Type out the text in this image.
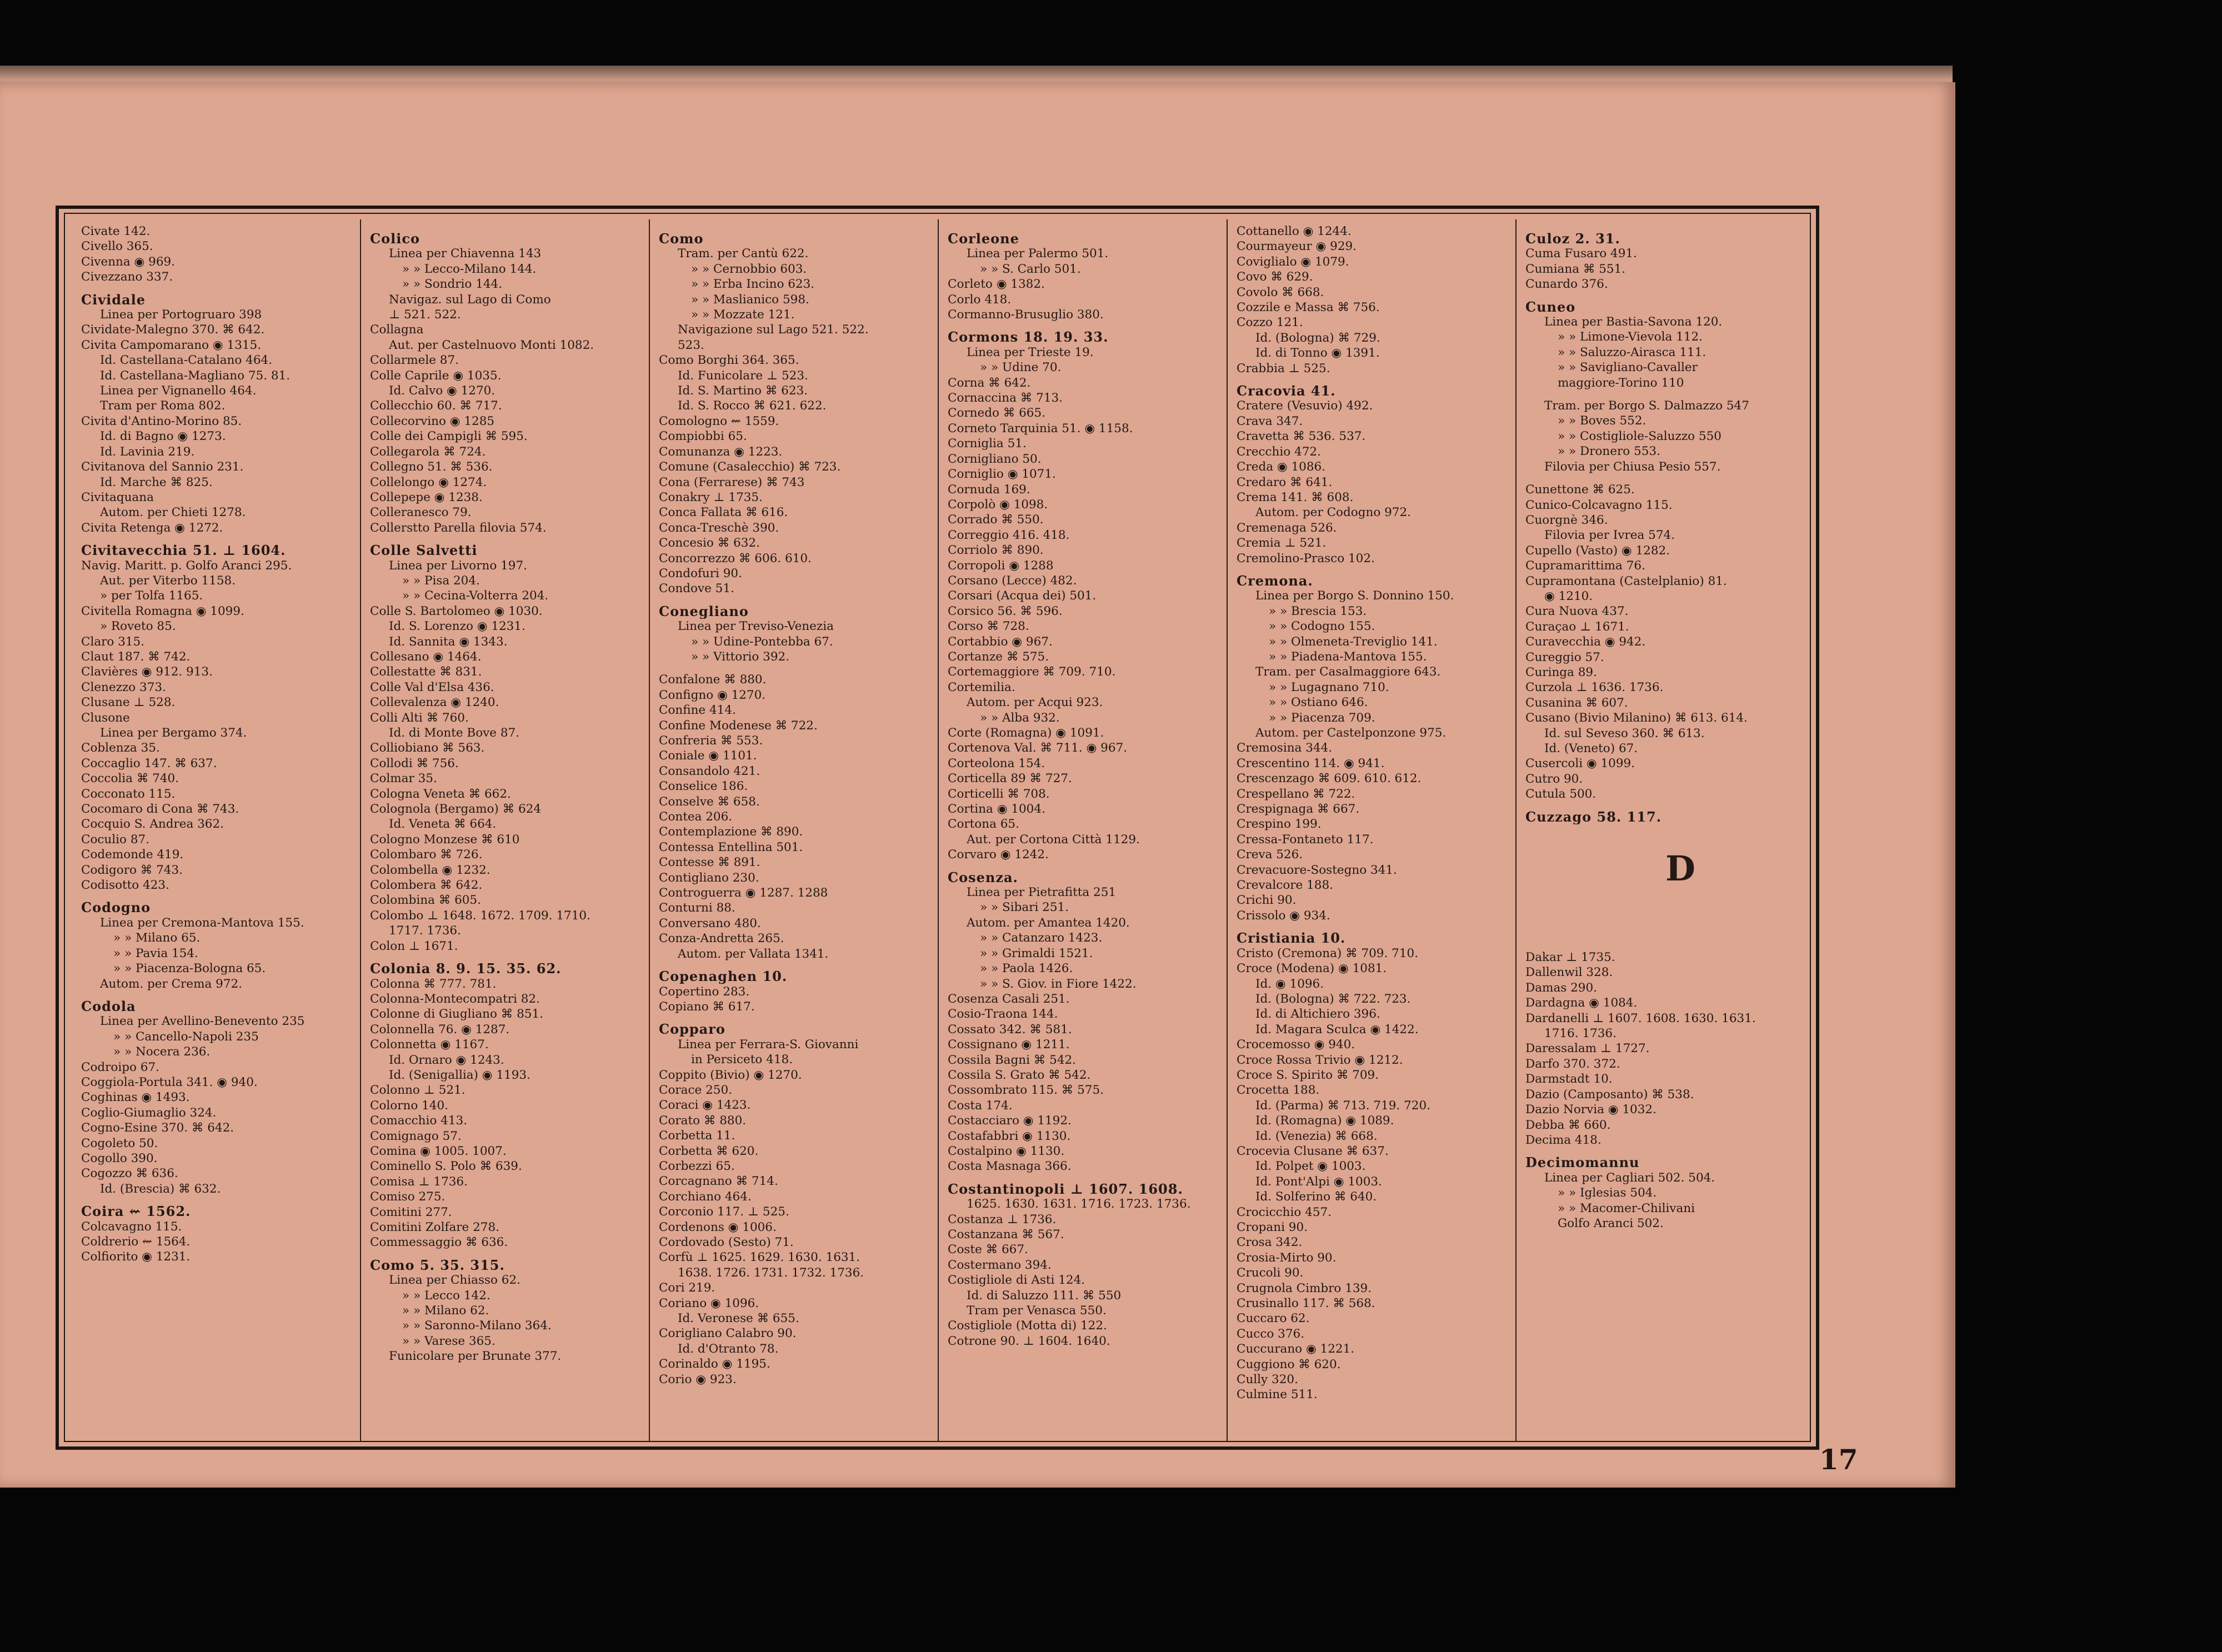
Civate 142.
Civello 365.
Civenna ◉ 969.
Civezzano 337.
Cividale
Linea per Portogruaro 398
Cividate-Malegno 370. ⌘ 642.
Civita Campomarano ◉ 1315.
Id. Castellana-Catalano 464.
Id. Castellana-Magliano 75. 81.
Linea per Vignanello 464.
Tram per Roma 802.
Civita d'Antino-Morino 85.
Id. di Bagno ◉ 1273.
Id. Lavinia 219.
Civitanova del Sannio 231.
Id. Marche ⌘ 825.
Civitaquana
Autom. per Chieti 1278.
Civita Retenga ◉ 1272.
Civitavecchia 51. ⊥ 1604.
Navig. Maritt. p. Golfo Aranci 295.
Aut. per Viterbo 1158.
» per Tolfa 1165.
Civitella Romagna ◉ 1099.
» Roveto 85.
Claro 315.
Claut 187. ⌘ 742.
Clavières ◉ 912. 913.
Clenezzo 373.
Clusane ⊥ 528.
Clusone
Linea per Bergamo 374.
Coblenza 35.
Coccaglio 147. ⌘ 637.
Coccolia ⌘ 740.
Cocconato 115.
Cocomaro di Cona ⌘ 743.
Cocquio S. Andrea 362.
Coculio 87.
Codemonde 419.
Codigoro ⌘ 743.
Codisotto 423.
Codogno
Linea per Cremona-Mantova 155.
» » Milano 65.
» » Pavia 154.
» » Piacenza-Bologna 65.
Autom. per Crema 972.
Codola
Linea per Avellino-Benevento 235
» » Cancello-Napoli 235
» » Nocera 236.
Codroipo 67.
Coggiola-Portula 341. ◉ 940.
Coghinas ◉ 1493.
Coglio-Giumaglio 324.
Cogno-Esine 370. ⌘ 642.
Cogoleto 50.
Cogollo 390.
Cogozzo ⌘ 636.
Id. (Brescia) ⌘ 632.
Coira ⇜ 1562.
Colcavagno 115.
Coldrerio ⇜ 1564.
Colfiorito ◉ 1231.
Colico
Linea per Chiavenna 143
» » Lecco-Milano 144.
» » Sondrio 144.
Navigaz. sul Lago di Como
⊥ 521. 522.
Collagna
Aut. per Castelnuovo Monti 1082.
Collarmele 87.
Colle Caprile ◉ 1035.
Id. Calvo ◉ 1270.
Collecchio 60. ⌘ 717.
Collecorvino ◉ 1285
Colle dei Campigli ⌘ 595.
Collegarola ⌘ 724.
Collegno 51. ⌘ 536.
Collelongo ◉ 1274.
Collepepe ◉ 1238.
Colleranesco 79.
Collerstto Parella filovia 574.
Colle Salvetti
Linea per Livorno 197.
» » Pisa 204.
» » Cecina-Volterra 204.
Colle S. Bartolomeo ◉ 1030.
Id. S. Lorenzo ◉ 1231.
Id. Sannita ◉ 1343.
Collesano ◉ 1464.
Collestatte ⌘ 831.
Colle Val d'Elsa 436.
Collevalenza ◉ 1240.
Colli Alti ⌘ 760.
Id. di Monte Bove 87.
Colliobiano ⌘ 563.
Collodi ⌘ 756.
Colmar 35.
Cologna Veneta ⌘ 662.
Colognola (Bergamo) ⌘ 624
Id. Veneta ⌘ 664.
Cologno Monzese ⌘ 610
Colombaro ⌘ 726.
Colombella ◉ 1232.
Colombera ⌘ 642.
Colombina ⌘ 605.
Colombo ⊥ 1648. 1672. 1709. 1710.
1717. 1736.
Colon ⊥ 1671.
Colonia 8. 9. 15. 35. 62.
Colonna ⌘ 777. 781.
Colonna-Montecompatri 82.
Colonne di Giugliano ⌘ 851.
Colonnella 76. ◉ 1287.
Colonnetta ◉ 1167.
Id. Ornaro ◉ 1243.
Id. (Senigallia) ◉ 1193.
Colonno ⊥ 521.
Colorno 140.
Comacchio 413.
Comignago 57.
Comina ◉ 1005. 1007.
Cominello S. Polo ⌘ 639.
Comisa ⊥ 1736.
Comiso 275.
Comitini 277.
Comitini Zolfare 278.
Commessaggio ⌘ 636.
Como 5. 35. 315.
Linea per Chiasso 62.
» » Lecco 142.
» » Milano 62.
» » Saronno-Milano 364.
» » Varese 365.
Funicolare per Brunate 377.
Como
Tram. per Cantù 622.
» » Cernobbio 603.
» » Erba Incino 623.
» » Maslianico 598.
» » Mozzate 121.
Navigazione sul Lago 521. 522.
523.
Como Borghi 364. 365.
Id. Funicolare ⊥ 523.
Id. S. Martino ⌘ 623.
Id. S. Rocco ⌘ 621. 622.
Comologno ⇜ 1559.
Compiobbi 65.
Comunanza ◉ 1223.
Comune (Casalecchio) ⌘ 723.
Cona (Ferrarese) ⌘ 743
Conakry ⊥ 1735.
Conca Fallata ⌘ 616.
Conca-Treschè 390.
Concesio ⌘ 632.
Concorrezzo ⌘ 606. 610.
Condofuri 90.
Condove 51.
Conegliano
Linea per Treviso-Venezia
» » Udine-Pontebba 67.
» » Vittorio 392.
Confalone ⌘ 880.
Configno ◉ 1270.
Confine 414.
Confine Modenese ⌘ 722.
Confreria ⌘ 553.
Coniale ◉ 1101.
Consandolo 421.
Conselice 186.
Conselve ⌘ 658.
Contea 206.
Contemplazione ⌘ 890.
Contessa Entellina 501.
Contesse ⌘ 891.
Contigliano 230.
Controguerra ◉ 1287. 1288
Conturni 88.
Conversano 480.
Conza-Andretta 265.
Autom. per Vallata 1341.
Copenaghen 10.
Copertino 283.
Copiano ⌘ 617.
Copparo
Linea per Ferrara-S. Giovanni
in Persiceto 418.
Coppito (Bivio) ◉ 1270.
Corace 250.
Coraci ◉ 1423.
Corato ⌘ 880.
Corbetta 11.
Corbetta ⌘ 620.
Corbezzi 65.
Corcagnano ⌘ 714.
Corchiano 464.
Corconio 117. ⊥ 525.
Cordenons ◉ 1006.
Cordovado (Sesto) 71.
Corfù ⊥ 1625. 1629. 1630. 1631.
1638. 1726. 1731. 1732. 1736.
Cori 219.
Coriano ◉ 1096.
Id. Veronese ⌘ 655.
Corigliano Calabro 90.
Id. d'Otranto 78.
Corinaldo ◉ 1195.
Corio ◉ 923.
Corleone
Linea per Palermo 501.
» » S. Carlo 501.
Corleto ◉ 1382.
Corlo 418.
Cormanno-Brusuglio 380.
Cormons 18. 19. 33.
Linea per Trieste 19.
» » Udine 70.
Corna ⌘ 642.
Cornaccina ⌘ 713.
Cornedo ⌘ 665.
Corneto Tarquinia 51. ◉ 1158.
Corniglia 51.
Cornigliano 50.
Corniglio ◉ 1071.
Cornuda 169.
Corpolò ◉ 1098.
Corrado ⌘ 550.
Correggio 416. 418.
Corriolo ⌘ 890.
Corropoli ◉ 1288
Corsano (Lecce) 482.
Corsari (Acqua dei) 501.
Corsico 56. ⌘ 596.
Corso ⌘ 728.
Cortabbio ◉ 967.
Cortanze ⌘ 575.
Cortemaggiore ⌘ 709. 710.
Cortemilia.
Autom. per Acqui 923.
» » Alba 932.
Corte (Romagna) ◉ 1091.
Cortenova Val. ⌘ 711. ◉ 967.
Corteolona 154.
Corticella 89 ⌘ 727.
Corticelli ⌘ 708.
Cortina ◉ 1004.
Cortona 65.
Aut. per Cortona Città 1129.
Corvaro ◉ 1242.
Cosenza.
Linea per Pietrafitta 251
» » Sibari 251.
Autom. per Amantea 1420.
» » Catanzaro 1423.
» » Grimaldi 1521.
» » Paola 1426.
» » S. Giov. in Fiore 1422.
Cosenza Casali 251.
Cosio-Traona 144.
Cossato 342. ⌘ 581.
Cossignano ◉ 1211.
Cossila Bagni ⌘ 542.
Cossila S. Grato ⌘ 542.
Cossombrato 115. ⌘ 575.
Costa 174.
Costacciaro ◉ 1192.
Costafabbri ◉ 1130.
Costalpino ◉ 1130.
Costa Masnaga 366.
Costantinopoli ⊥ 1607. 1608.
1625. 1630. 1631. 1716. 1723. 1736.
Costanza ⊥ 1736.
Costanzana ⌘ 567.
Coste ⌘ 667.
Costermano 394.
Costigliole di Asti 124.
Id. di Saluzzo 111. ⌘ 550
Tram per Venasca 550.
Costigliole (Motta di) 122.
Cotrone 90. ⊥ 1604. 1640.
Cottanello ◉ 1244.
Courmayeur ◉ 929.
Coviglialo ◉ 1079.
Covo ⌘ 629.
Covolo ⌘ 668.
Cozzile e Massa ⌘ 756.
Cozzo 121.
Id. (Bologna) ⌘ 729.
Id. di Tonno ◉ 1391.
Crabbia ⊥ 525.
Cracovia 41.
Cratere (Vesuvio) 492.
Crava 347.
Cravetta ⌘ 536. 537.
Crecchio 472.
Creda ◉ 1086.
Credaro ⌘ 641.
Crema 141. ⌘ 608.
Autom. per Codogno 972.
Cremenaga 526.
Cremia ⊥ 521.
Cremolino-Prasco 102.
Cremona.
Linea per Borgo S. Donnino 150.
» » Brescia 153.
» » Codogno 155.
» » Olmeneta-Treviglio 141.
» » Piadena-Mantova 155.
Tram. per Casalmaggiore 643.
» » Lugagnano 710.
» » Ostiano 646.
» » Piacenza 709.
Autom. per Castelponzone 975.
Cremosina 344.
Crescentino 114. ◉ 941.
Crescenzago ⌘ 609. 610. 612.
Crespellano ⌘ 722.
Crespignaga ⌘ 667.
Crespino 199.
Cressa-Fontaneto 117.
Creva 526.
Crevacuore-Sostegno 341.
Crevalcore 188.
Crichi 90.
Crissolo ◉ 934.
Cristiania 10.
Cristo (Cremona) ⌘ 709. 710.
Croce (Modena) ◉ 1081.
Id. ◉ 1096.
Id. (Bologna) ⌘ 722. 723.
Id. di Altichiero 396.
Id. Magara Sculca ◉ 1422.
Crocemosso ◉ 940.
Croce Rossa Trivio ◉ 1212.
Croce S. Spirito ⌘ 709.
Crocetta 188.
Id. (Parma) ⌘ 713. 719. 720.
Id. (Romagna) ◉ 1089.
Id. (Venezia) ⌘ 668.
Crocevia Clusane ⌘ 637.
Id. Polpet ◉ 1003.
Id. Pont'Alpi ◉ 1003.
Id. Solferino ⌘ 640.
Crocicchio 457.
Cropani 90.
Crosa 342.
Crosia-Mirto 90.
Crucoli 90.
Crugnola Cimbro 139.
Crusinallo 117. ⌘ 568.
Cuccaro 62.
Cucco 376.
Cuccurano ◉ 1221.
Cuggiono ⌘ 620.
Cully 320.
Culmine 511.
Culoz 2. 31.
Cuma Fusaro 491.
Cumiana ⌘ 551.
Cunardo 376.
Cuneo
Linea per Bastia-Savona 120.
» » Limone-Vievola 112.
» » Saluzzo-Airasca 111.
» » Savigliano-Cavaller
maggiore-Torino 110
Tram. per Borgo S. Dalmazzo 547
» » Boves 552.
» » Costigliole-Saluzzo 550
» » Dronero 553.
Filovia per Chiusa Pesio 557.
Cunettone ⌘ 625.
Cunico-Colcavagno 115.
Cuorgnè 346.
Filovia per Ivrea 574.
Cupello (Vasto) ◉ 1282.
Cupramarittima 76.
Cupramontana (Castelplanio) 81.
◉ 1210.
Cura Nuova 437.
Curaçao ⊥ 1671.
Curavecchia ◉ 942.
Cureggio 57.
Curinga 89.
Curzola ⊥ 1636. 1736.
Cusanina ⌘ 607.
Cusano (Bivio Milanino) ⌘ 613. 614.
Id. sul Seveso 360. ⌘ 613.
Id. (Veneto) 67.
Cusercoli ◉ 1099.
Cutro 90.
Cutula 500.
Cuzzago 58. 117.
D
Dakar ⊥ 1735.
Dallenwil 328.
Damas 290.
Dardagna ◉ 1084.
Dardanelli ⊥ 1607. 1608. 1630. 1631.
1716. 1736.
Daressalam ⊥ 1727.
Darfo 370. 372.
Darmstadt 10.
Dazio (Camposanto) ⌘ 538.
Dazio Norvia ◉ 1032.
Debba ⌘ 660.
Decima 418.
Decimomannu
Linea per Cagliari 502. 504.
» » Iglesias 504.
» » Macomer-Chilivani
Golfo Aranci 502.
17
